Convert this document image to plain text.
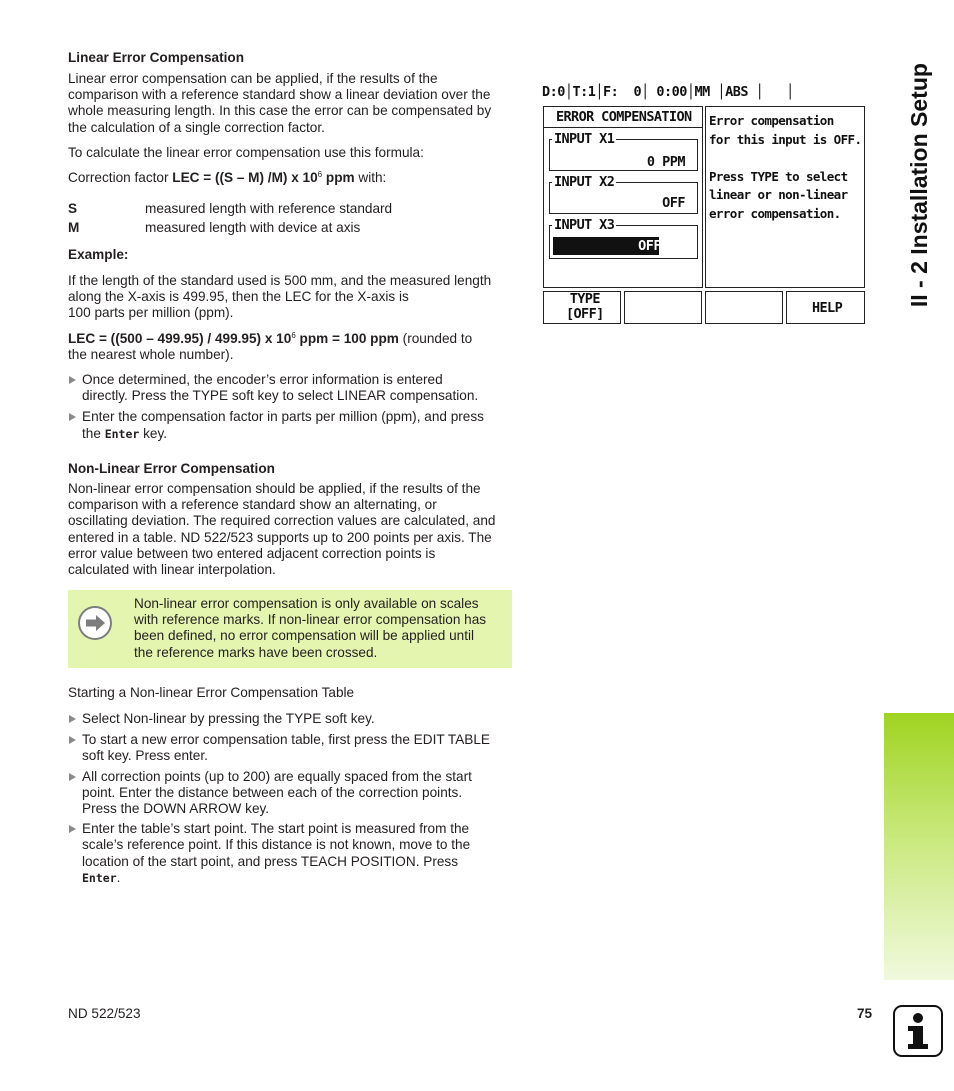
Linear Error Compensation

Linear error compensation can be applied, if the results of the

comparison with a reference standard show a linear deviation over the

whole measuring length. In this case the error can be compensated by

the calculation of a single correction factor.

To calculate the linear error compensation use this formula:

Correction factor LEC = ((S – M) /M) x $10^6$ ppm with:

S	measured length with reference standard
M	measured length with device at axis

Example:

If the length of the standard used is 500 mm, and the measured length

along the X-axis is 499.95, then the LEC for the X-axis is

100 parts per million (ppm).

LEC = ((500 – 499.95) / 499.95) x $10^6$ ppm = 100 ppm (rounded to

the nearest whole number).

Once determined, the encoder’s error information is entered

directly. Press the TYPE soft key to select LINEAR compensation.

Enter the compensation factor in parts per million (ppm), and press

the Enter key.

Non-Linear Error Compensation

Non-linear error compensation should be applied, if the results of the

comparison with a reference standard show an alternating, or

oscillating deviation. The required correction values are calculated, and

entered in a table. ND 522/523 supports up to 200 points per axis. The

error value between two entered adjacent correction points is

calculated with linear interpolation.

Non-linear error compensation is only available on scales

with reference marks. If non-linear error compensation has

been defined, no error compensation will be applied until

the reference marks have been crossed.

Starting a Non-linear Error Compensation Table

Select Non-linear by pressing the TYPE soft key.

To start a new error compensation table, first press the EDIT TABLE

soft key. Press enter.

All correction points (up to 200) are equally spaced from the start

point. Enter the distance between each of the correction points.

Press the DOWN ARROW key.

Enter the table’s start point. The start point is measured from the

scale’s reference point. If this distance is not known, move to the

location of the start point, and press TEACH POSITION. Press

Enter.

D:0│T:1│F:  0│ 0:00│MM │ABS │   │
ERROR COMPENSATION
0 PPM
INPUT X1
OFF
INPUT X2
OFF
INPUT X3
Error compensation
for this input is OFF.

Press TYPE to select
linear or non-linear
error compensation.
TYPE
[OFF]	HELP
II - 2 Installation Setup
ND 522/523	75
